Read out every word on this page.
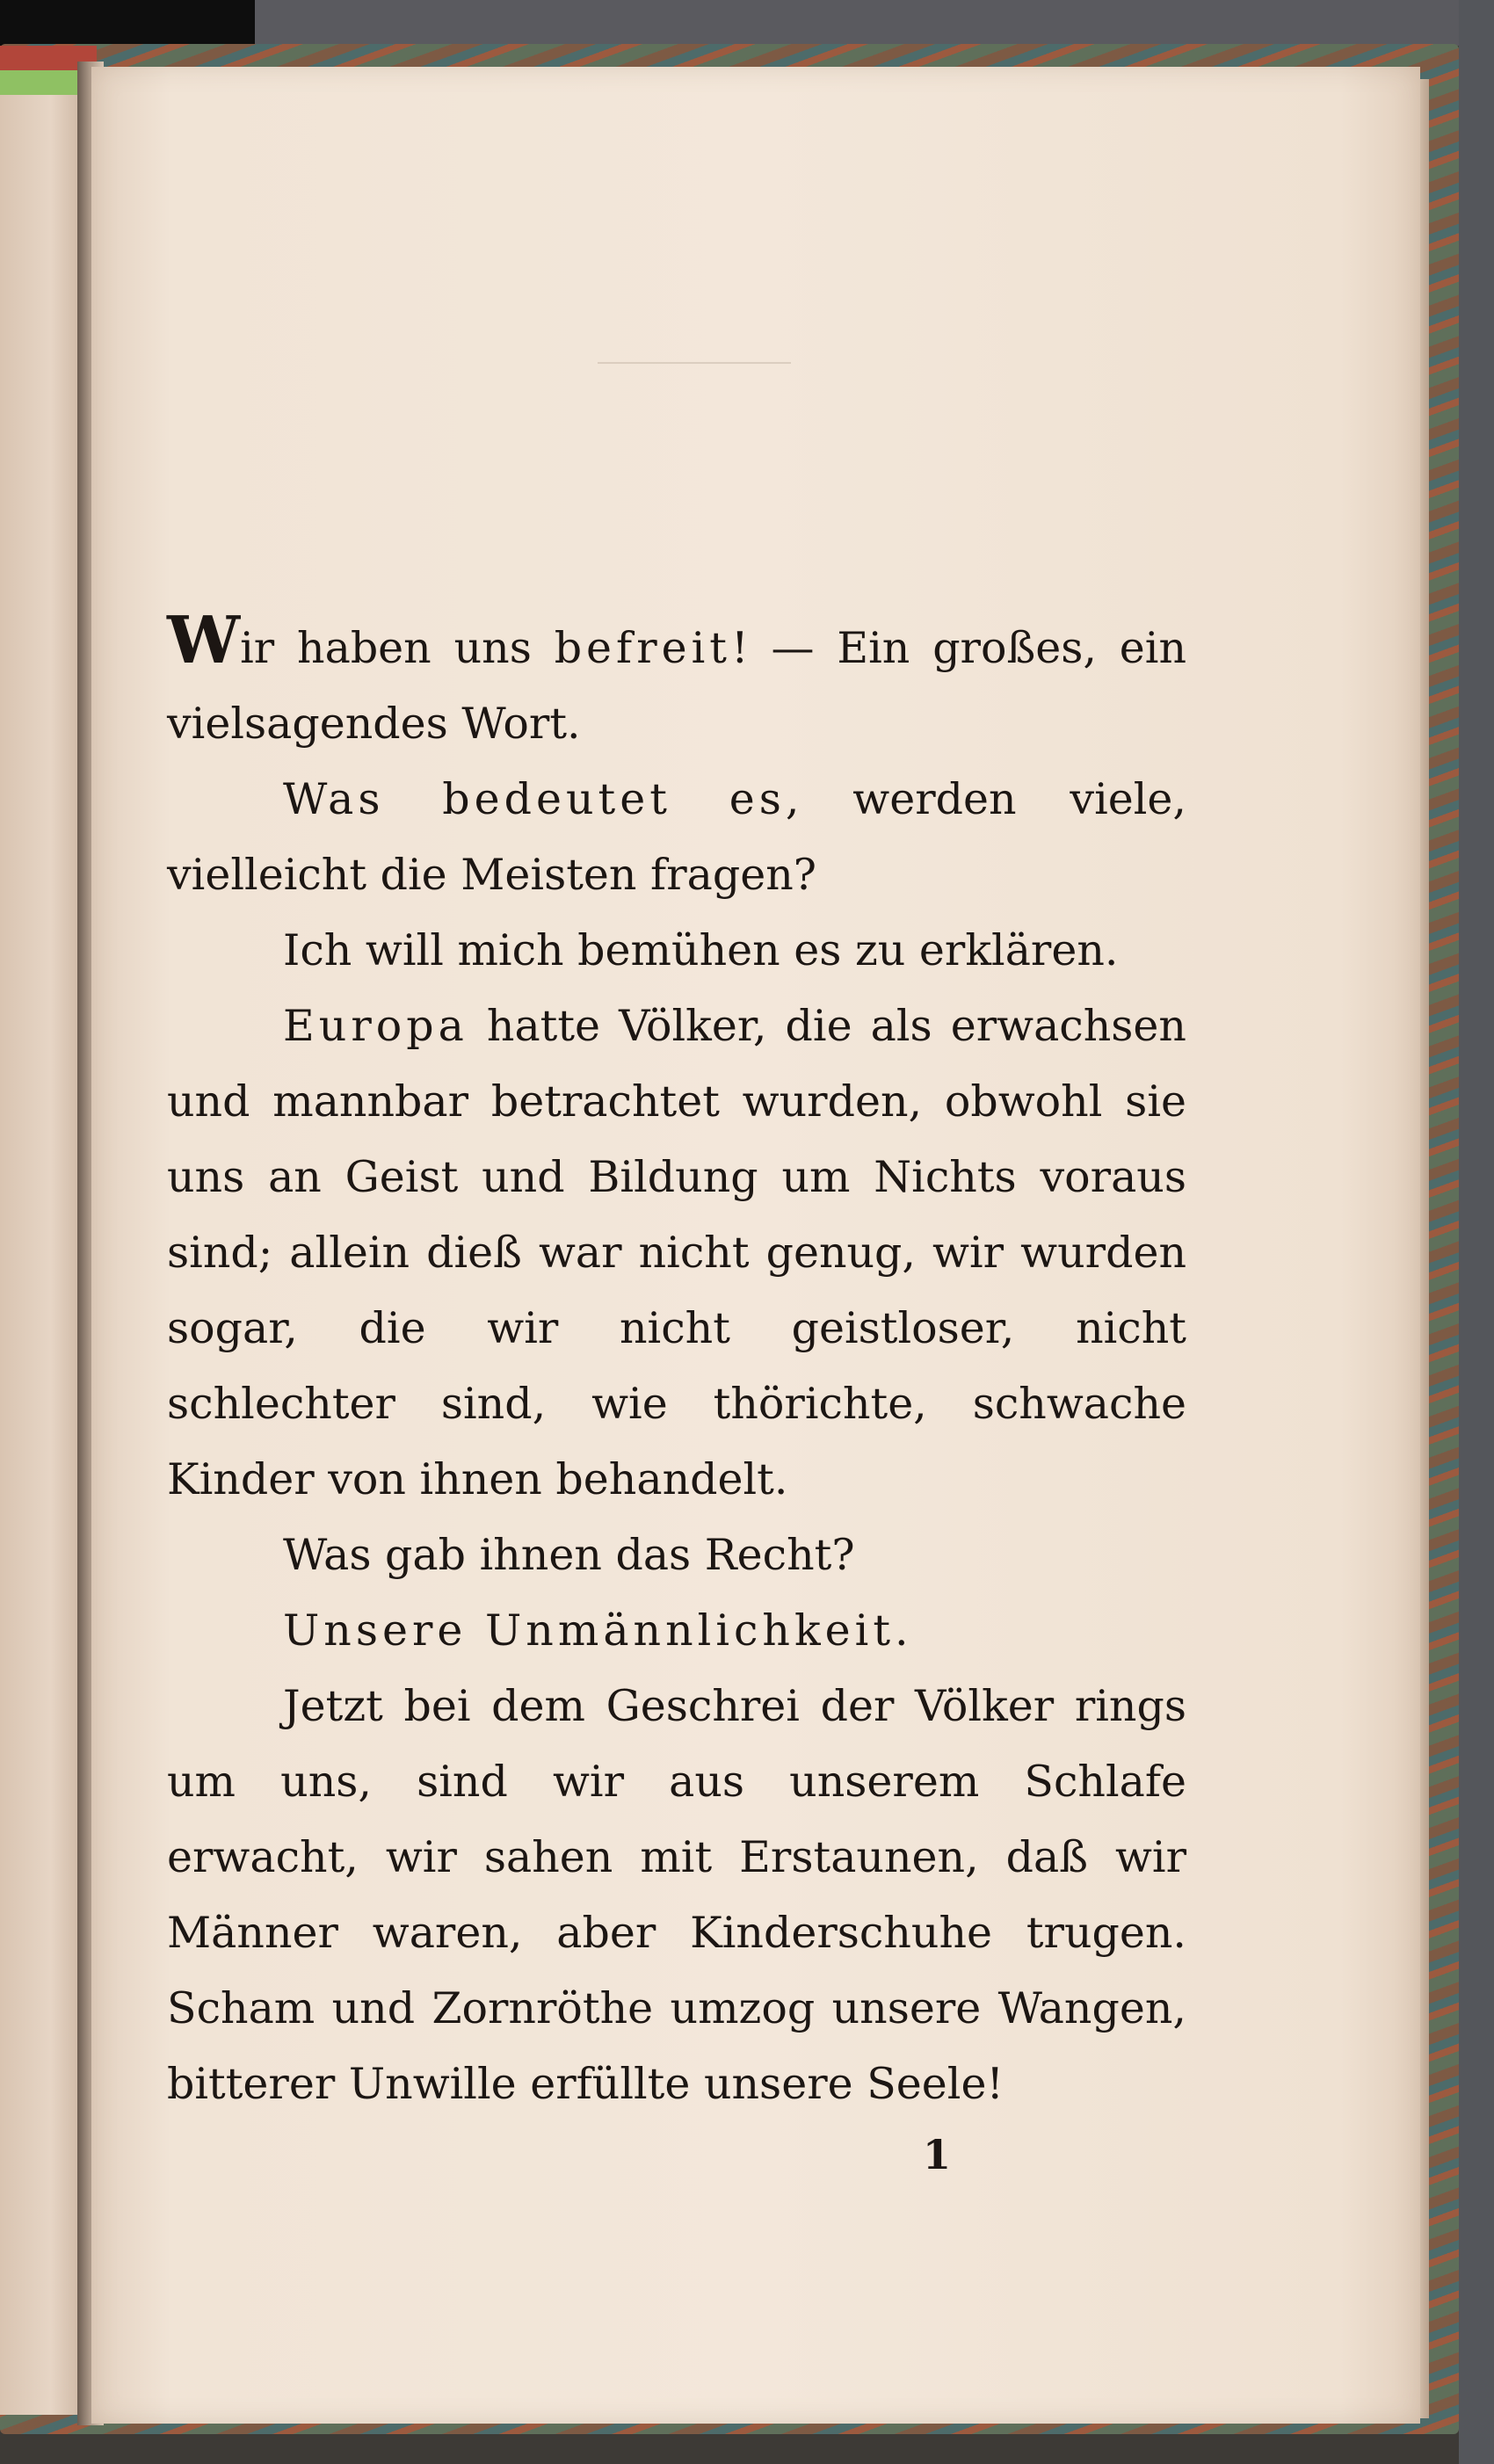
Wir haben uns befreit! — Ein großes, ein vielsagendes Wort.

Was bedeutet es, werden viele, vielleicht die Meisten fragen?

Ich will mich bemühen es zu erklären.

Europa hatte Völker, die als erwachsen und mannbar betrachtet wurden, obwohl sie uns an Geist und Bildung um Nichts voraus sind; allein dieß war nicht genug, wir wurden sogar, die wir nicht geistloser, nicht schlechter sind, wie thörichte, schwache Kinder von ihnen behandelt.

Was gab ihnen das Recht?

Unsere Unmännlichkeit.

Jetzt bei dem Geschrei der Völker rings um uns, sind wir aus unserem Schlafe erwacht, wir sahen mit Erstaunen, daß wir Männer waren, aber Kinderschuhe trugen. Scham und Zornröthe umzog unsere Wangen, bitterer Unwille erfüllte unsere Seele!

1
